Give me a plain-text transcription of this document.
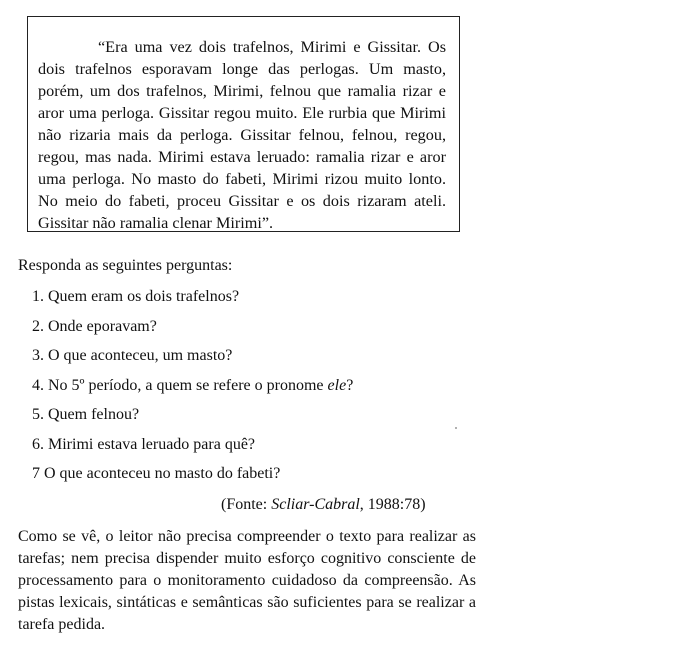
“Era uma vez dois trafelnos, Mirimi e Gissitar. Os dois trafelnos esporavam longe das perlogas. Um masto, porém, um dos trafelnos, Mirimi, felnou que ramalia rizar e aror uma perloga. Gissitar regou muito. Ele rurbia que Mirimi não rizaria mais da perloga. Gissitar felnou, felnou, regou, regou, mas nada. Mirimi estava leruado: ramalia rizar e aror uma perloga. No masto do fabeti, Mirimi rizou muito lonto. No meio do fabeti, proceu Gissitar e os dois rizaram ateli. Gissitar não ramalia clenar Mirimi”.

Responda as seguintes perguntas:
1. Quem eram os dois trafelnos?
2. Onde eporavam?
3. O que aconteceu, um masto?
4. No 5º período, a quem se refere o pronome ele?
5. Quem felnou?
6. Mirimi estava leruado para quê?
7 O que aconteceu no masto do fabeti?
(Fonte: Scliar-Cabral, 1988:78)

Como se vê, o leitor não precisa compreender o texto para realizar as tarefas; nem precisa dispender muito esforço cognitivo consciente de processamento para o monitoramento cuidadoso da compreensão. As pistas lexicais, sintáticas e semânticas são suficientes para se realizar a tarefa pedida.
